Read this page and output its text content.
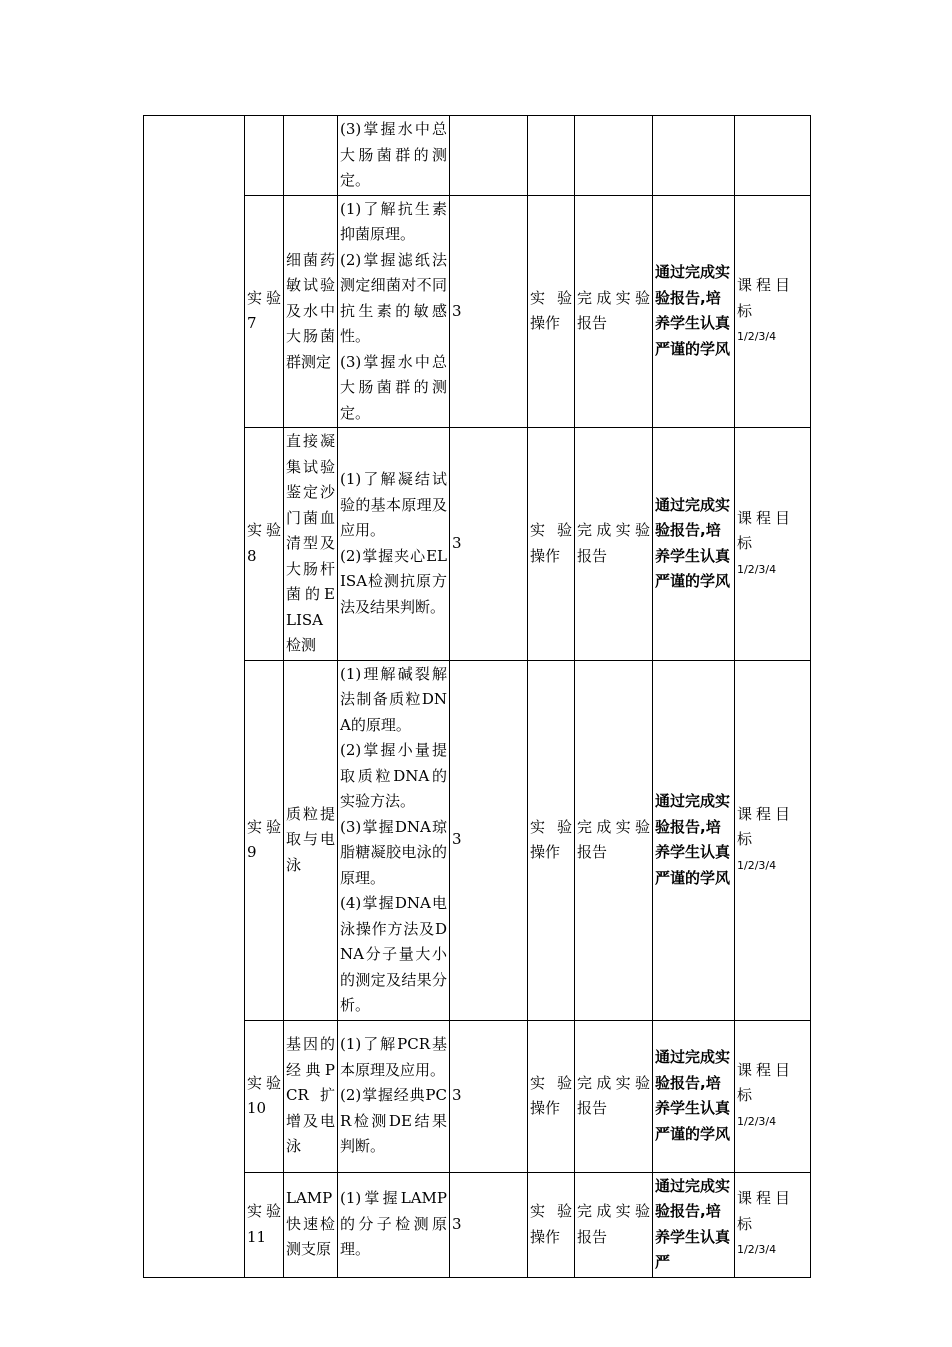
			(3)掌握水中总大肠菌群的测定。					

	实验7	细菌药敏试验及水中大肠菌群测定	(1)了解抗生素抑菌原理。
(2)掌握滤纸法测定细菌对不同抗生素的敏感性。
(3)掌握水中总大肠菌群的测定。	3	实验操作	完成实验报告	通过完成实验报告,培养学生认真严谨的学风	课程目标
1/2/3/4

	实验8	直接凝集试验鉴定沙门菌血清型及大肠杆菌的ELISA检测	(1)了解凝结试验的基本原理及应用。
(2)掌握夹心ELISA检测抗原方法及结果判断。	3	实验操作	完成实验报告	通过完成实验报告,培养学生认真严谨的学风	课程目标
1/2/3/4

	实验9	质粒提取与电泳	(1)理解碱裂解法制备质粒DNA的原理。
(2)掌握小量提取质粒DNA的实验方法。
(3)掌握DNA琼脂糖凝胶电泳的原理。
(4)掌握DNA电泳操作方法及DNA分子量大小的测定及结果分析。	3	实验操作	完成实验报告	通过完成实验报告,培养学生认真严谨的学风	课程目标
1/2/3/4

	实验10	基因的经典PCR扩增及电泳	(1)了解PCR基本原理及应用。
(2)掌握经典PCR检测DE结果判断。	3	实验操作	完成实验报告	通过完成实验报告,培养学生认真严谨的学风	课程目标
1/2/3/4

	实验11	LAMP快速检测支原	(1)掌握LAMP的分子检测原理。	3	实验操作	完成实验报告	通过完成实验报告,培养学生认真严	课程目标
1/2/3/4
